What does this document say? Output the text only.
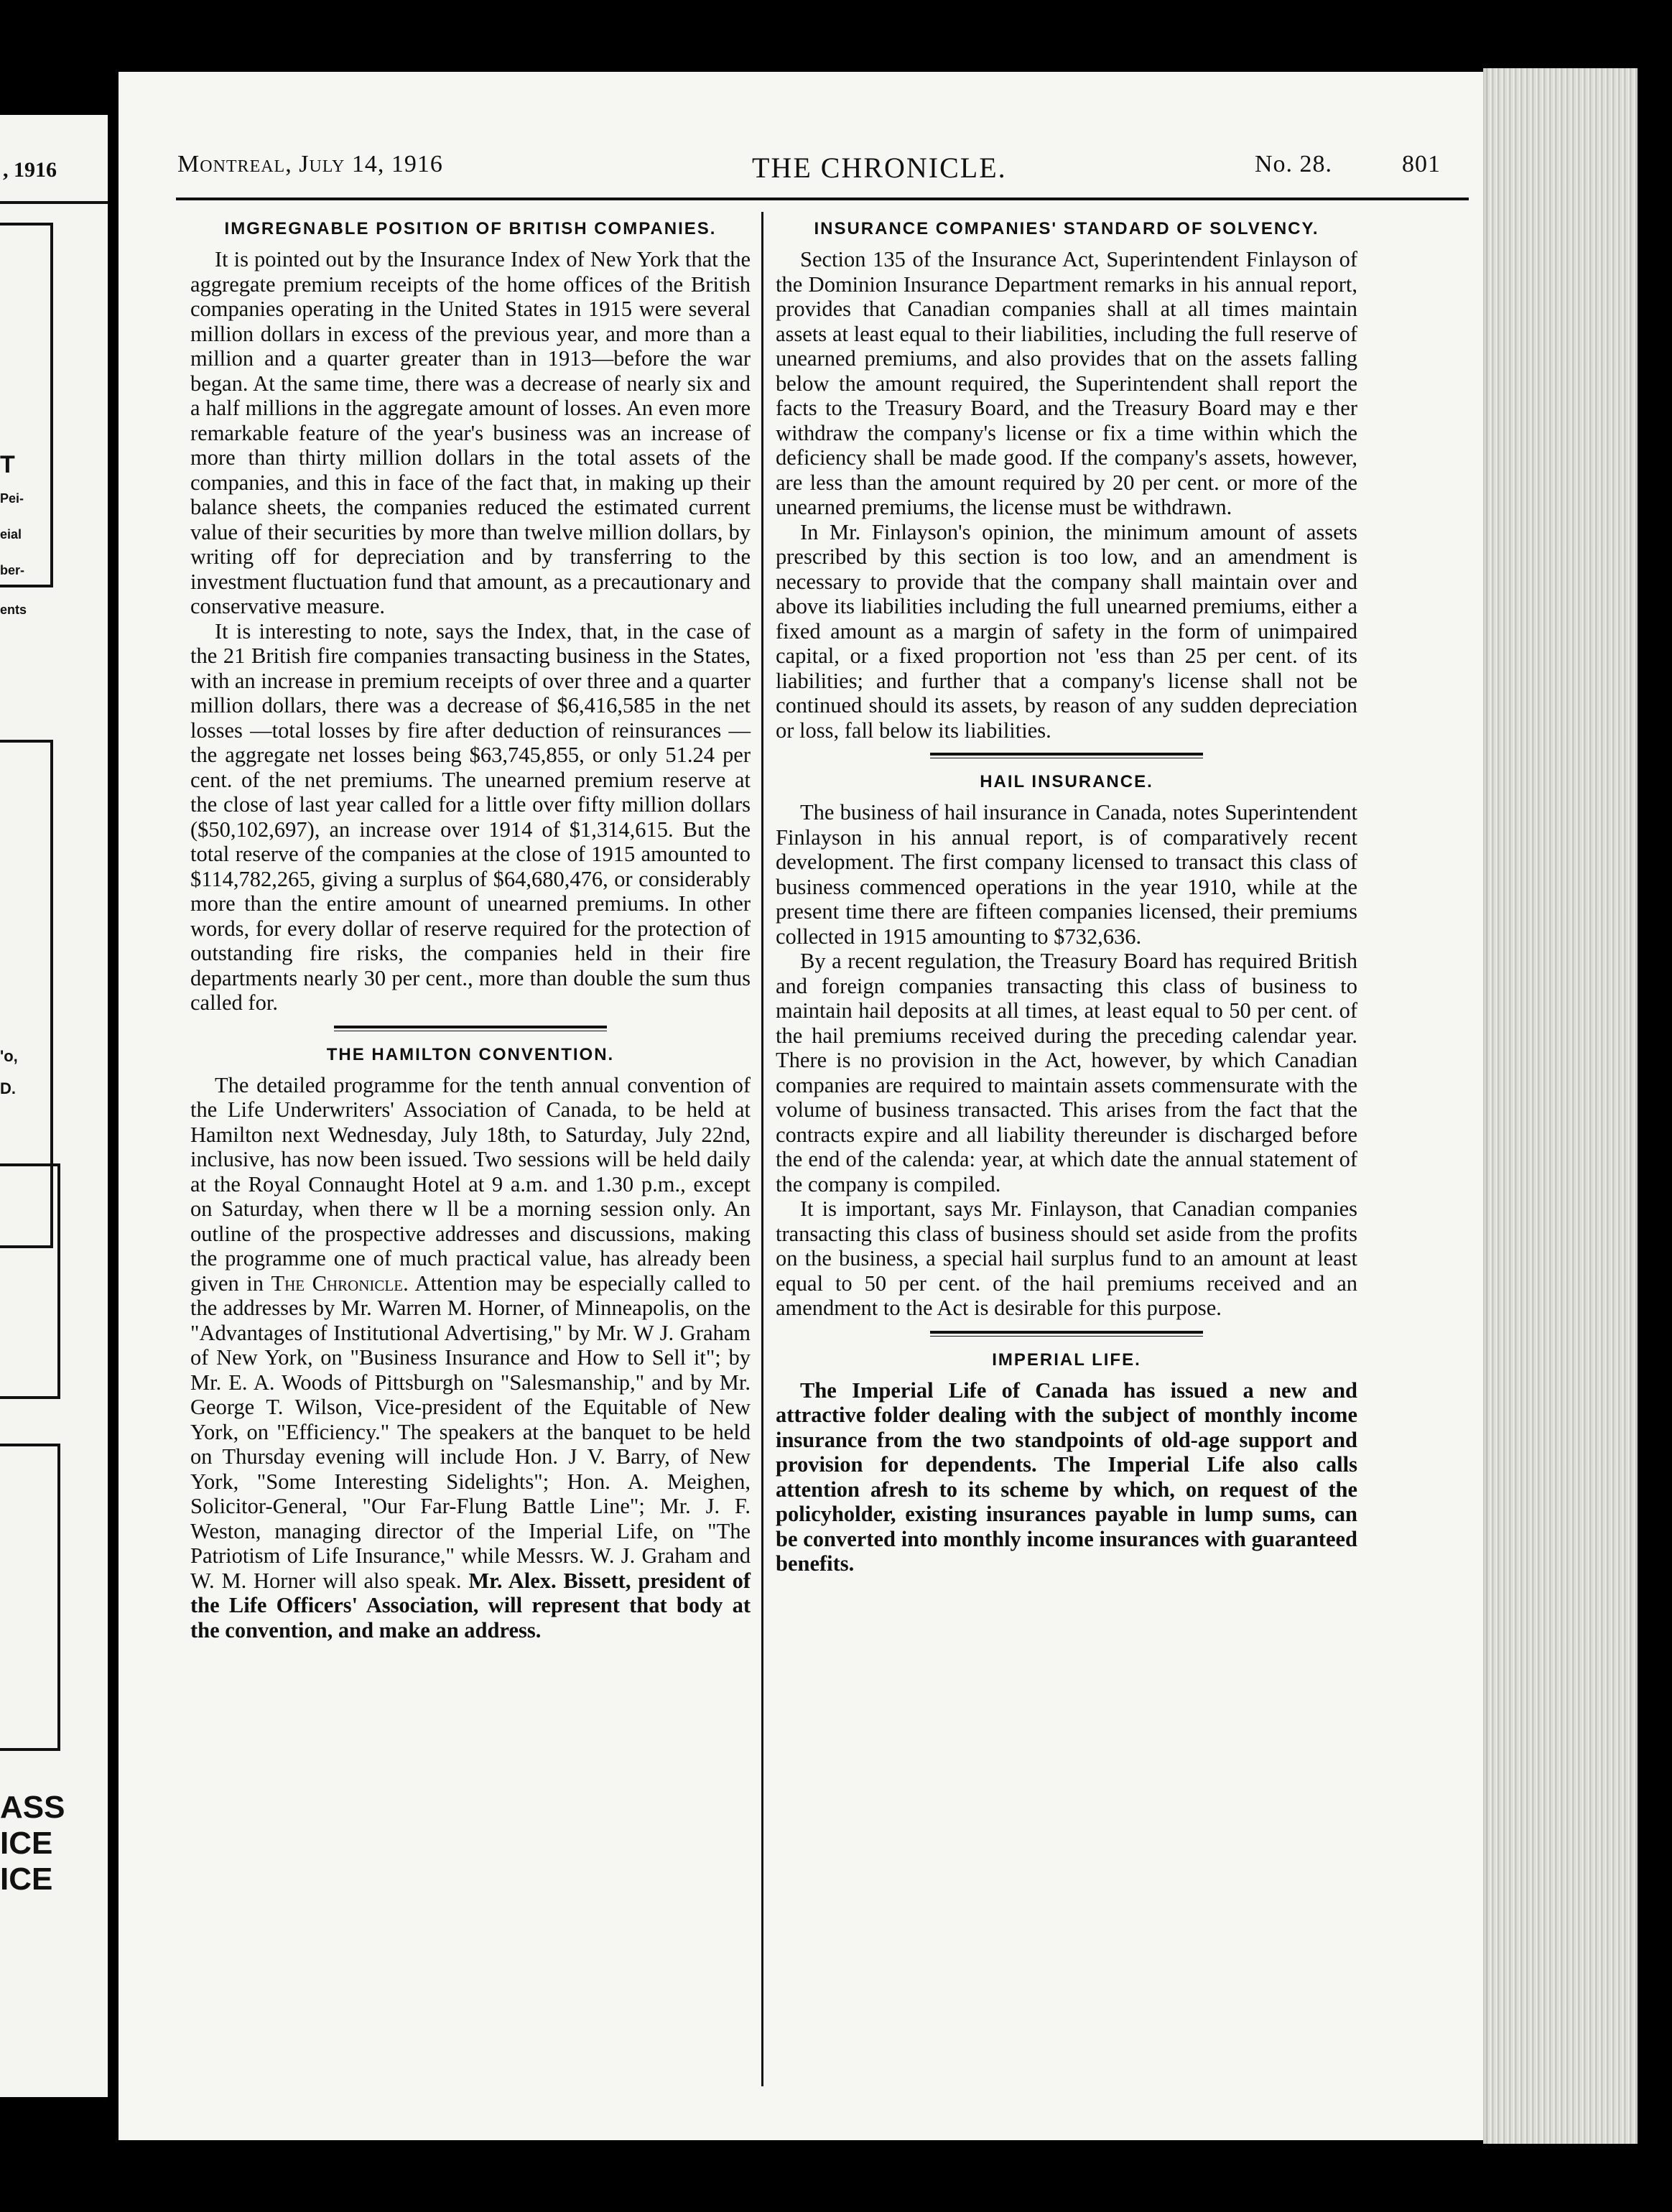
, 1916
T
Pei-
eial
ber-
ents
'o,
D.
ASS
ICE
ICE
Montreal, July 14, 1916	THE CHRONICLE.	No. 28.	801
IMGREGNABLE POSITION OF BRITISH COMPANIES.

It is pointed out by the Insurance Index of New York that the aggregate premium receipts of the home offices of the British companies operating in the United States in 1915 were several million dollars in excess of the previous year, and more than a million and a quarter greater than in 1913—before the war began. At the same time, there was a decrease of nearly six and a half millions in the aggregate amount of losses. An even more remarkable feature of the year's business was an increase of more than thirty million dollars in the total assets of the companies, and this in face of the fact that, in making up their balance sheets, the companies reduced the estimated current value of their securities by more than twelve million dollars, by writing off for depreciation and by transferring to the investment fluctuation fund that amount, as a precautionary and conservative measure.

It is interesting to note, says the Index, that, in the case of the 21 British fire companies transacting business in the States, with an increase in premium receipts of over three and a quarter million dollars, there was a decrease of $6,416,585 in the net losses —total losses by fire after deduction of reinsurances —the aggregate net losses being $63,745,855, or only 51.24 per cent. of the net premiums. The unearned premium reserve at the close of last year called for a little over fifty million dollars ($50,102,697), an increase over 1914 of $1,314,615. But the total reserve of the companies at the close of 1915 amounted to $114,782,265, giving a surplus of $64,680,476, or considerably more than the entire amount of unearned premiums. In other words, for every dollar of reserve required for the protection of outstanding fire risks, the companies held in their fire departments nearly 30 per cent., more than double the sum thus called for.

THE HAMILTON CONVENTION.

The detailed programme for the tenth annual convention of the Life Underwriters' Association of Canada, to be held at Hamilton next Wednesday, July 18th, to Saturday, July 22nd, inclusive, has now been issued. Two sessions will be held daily at the Royal Connaught Hotel at 9 a.m. and 1.30 p.m., except on Saturday, when there w ll be a morning session only. An outline of the prospective addresses and discussions, making the programme one of much practical value, has already been given in The Chronicle. Attention may be especially called to the addresses by Mr. Warren M. Horner, of Minneapolis, on the "Advantages of Institutional Advertising," by Mr. W J. Graham of New York, on "Business Insurance and How to Sell it"; by Mr. E. A. Woods of Pittsburgh on "Salesmanship," and by Mr. George T. Wilson, Vice-president of the Equitable of New York, on "Efficiency." The speakers at the banquet to be held on Thursday evening will include Hon. J V. Barry, of New York, "Some Interesting Sidelights"; Hon. A. Meighen, Solicitor-General, "Our Far-Flung Battle Line"; Mr. J. F. Weston, managing director of the Imperial Life, on "The Patriotism of Life Insurance," while Messrs. W. J. Graham and W. M. Horner will also speak. Mr. Alex. Bissett, president of the Life Officers' Association, will represent that body at the convention, and make an address.

INSURANCE COMPANIES' STANDARD OF SOLVENCY.

Section 135 of the Insurance Act, Superintendent Finlayson of the Dominion Insurance Department remarks in his annual report, provides that Canadian companies shall at all times maintain assets at least equal to their liabilities, including the full reserve of unearned premiums, and also provides that on the assets falling below the amount required, the Superintendent shall report the facts to the Treasury Board, and the Treasury Board may e ther withdraw the company's license or fix a time within which the deficiency shall be made good. If the company's assets, however, are less than the amount required by 20 per cent. or more of the unearned premiums, the license must be withdrawn.

In Mr. Finlayson's opinion, the minimum amount of assets prescribed by this section is too low, and an amendment is necessary to provide that the company shall maintain over and above its liabilities including the full unearned premiums, either a fixed amount as a margin of safety in the form of unimpaired capital, or a fixed proportion not 'ess than 25 per cent. of its liabilities; and further that a company's license shall not be continued should its assets, by reason of any sudden depreciation or loss, fall below its liabilities.

HAIL INSURANCE.

The business of hail insurance in Canada, notes Superintendent Finlayson in his annual report, is of comparatively recent development. The first company licensed to transact this class of business commenced operations in the year 1910, while at the present time there are fifteen companies licensed, their premiums collected in 1915 amounting to $732,636.

By a recent regulation, the Treasury Board has required British and foreign companies transacting this class of business to maintain hail deposits at all times, at least equal to 50 per cent. of the hail premiums received during the preceding calendar year. There is no provision in the Act, however, by which Canadian companies are required to maintain assets commensurate with the volume of business transacted. This arises from the fact that the contracts expire and all liability thereunder is discharged before the end of the calenda: year, at which date the annual statement of the company is compiled.

It is important, says Mr. Finlayson, that Canadian companies transacting this class of business should set aside from the profits on the business, a special hail surplus fund to an amount at least equal to 50 per cent. of the hail premiums received and an amendment to the Act is desirable for this purpose.

IMPERIAL LIFE.

The Imperial Life of Canada has issued a new and attractive folder dealing with the subject of monthly income insurance from the two standpoints of old-age support and provision for dependents. The Imperial Life also calls attention afresh to its scheme by which, on request of the policyholder, existing insurances payable in lump sums, can be converted into monthly income insurances with guaranteed benefits.
